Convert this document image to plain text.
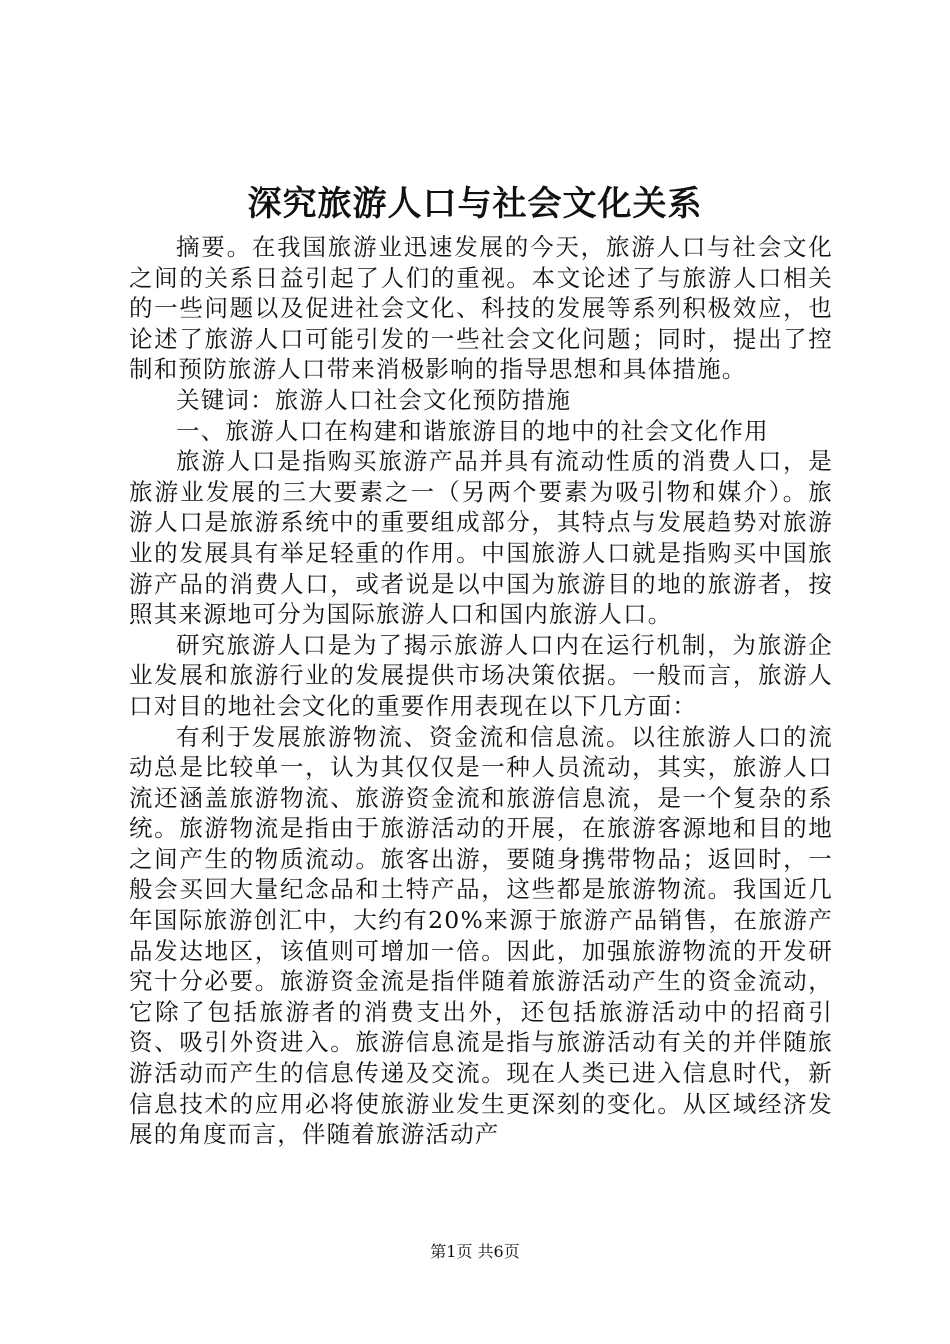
深究旅游人口与社会文化关系

摘要。在我国旅游业迅速发展的今天，旅游人口与社会文化之间的关系日益引起了人们的重视。本文论述了与旅游人口相关的一些问题以及促进社会文化、科技的发展等系列积极效应，也论述了旅游人口可能引发的一些社会文化问题；同时，提出了控制和预防旅游人口带来消极影响的指导思想和具体措施。

关键词：旅游人口社会文化预防措施

一、旅游人口在构建和谐旅游目的地中的社会文化作用

旅游人口是指购买旅游产品并具有流动性质的消费人口，是旅游业发展的三大要素之一（另两个要素为吸引物和媒介）。旅游人口是旅游系统中的重要组成部分，其特点与发展趋势对旅游业的发展具有举足轻重的作用。中国旅游人口就是指购买中国旅游产品的消费人口，或者说是以中国为旅游目的地的旅游者，按照其来源地可分为国际旅游人口和国内旅游人口。

研究旅游人口是为了揭示旅游人口内在运行机制，为旅游企业发展和旅游行业的发展提供市场决策依据。一般而言，旅游人口对目的地社会文化的重要作用表现在以下几方面：

有利于发展旅游物流、资金流和信息流。以往旅游人口的流动总是比较单一，认为其仅仅是一种人员流动，其实，旅游人口流还涵盖旅游物流、旅游资金流和旅游信息流，是一个复杂的系统。旅游物流是指由于旅游活动的开展，在旅游客源地和目的地之间产生的物质流动。旅客出游，要随身携带物品；返回时，一般会买回大量纪念品和土特产品，这些都是旅游物流。我国近几年国际旅游创汇中，大约有20%来源于旅游产品销售，在旅游产品发达地区，该值则可增加一倍。因此，加强旅游物流的开发研究十分必要。旅游资金流是指伴随着旅游活动产生的资金流动，它除了包括旅游者的消费支出外，还包括旅游活动中的招商引资、吸引外资进入。旅游信息流是指与旅游活动有关的并伴随旅游活动而产生的信息传递及交流。现在人类已进入信息时代，新信息技术的应用必将使旅游业发生更深刻的变化。从区域经济发展的角度而言，伴随着旅游活动产

第1页 共6页
